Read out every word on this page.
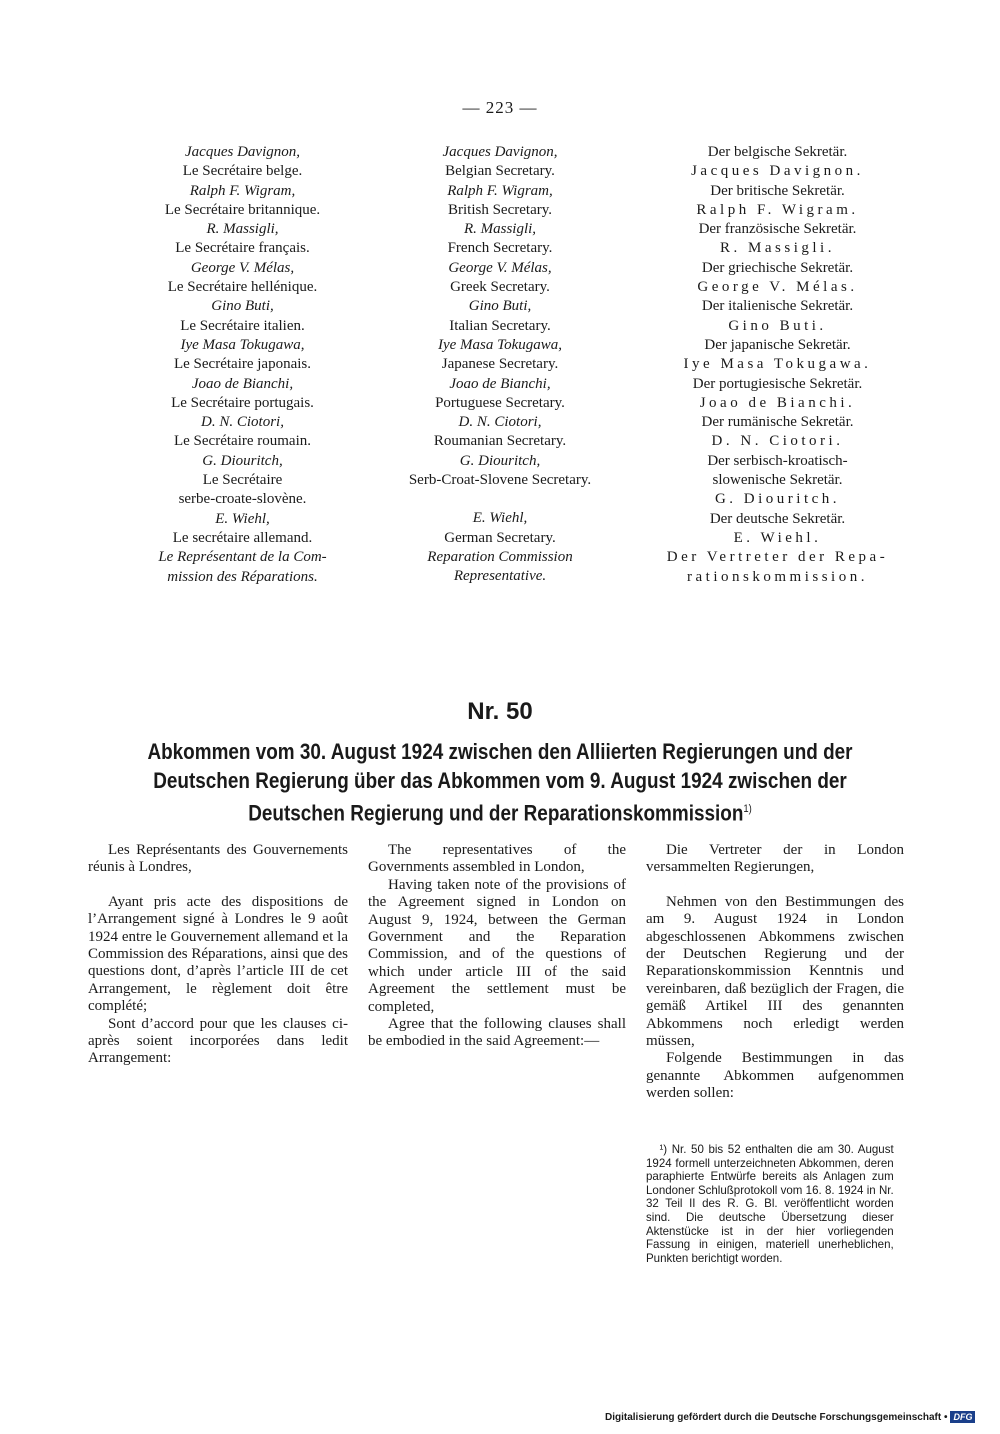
— 223 —
Jacques Davignon,
Le Secrétaire belge.
Ralph F. Wigram,
Le Secrétaire britannique.
R. Massigli,
Le Secrétaire français.
George V. Mélas,
Le Secrétaire hellénique.
Gino Buti,
Le Secrétaire italien.
Iye Masa Tokugawa,
Le Secrétaire japonais.
Joao de Bianchi,
Le Secrétaire portugais.
D. N. Ciotori,
Le Secrétaire roumain.
G. Diouritch,
Le Secrétaire
serbe-croate-slovène.
E. Wiehl,
Le secrétaire allemand.
Le Représentant de la Com-
mission des Réparations.
Jacques Davignon,
Belgian Secretary.
Ralph F. Wigram,
British Secretary.
R. Massigli,
French Secretary.
George V. Mélas,
Greek Secretary.
Gino Buti,
Italian Secretary.
Iye Masa Tokugawa,
Japanese Secretary.
Joao de Bianchi,
Portuguese Secretary.
D. N. Ciotori,
Roumanian Secretary.
G. Diouritch,
Serb-Croat-Slovene Secretary.
E. Wiehl,
German Secretary.
Reparation Commission
Representative.
Der belgische Sekretär.
Jacques Davignon.
Der britische Sekretär.
Ralph F. Wigram.
Der französische Sekretär.
R. Massigli.
Der griechische Sekretär.
George V. Mélas.
Der italienische Sekretär.
Gino Buti.
Der japanische Sekretär.
Iye Masa Tokugawa.
Der portugiesische Sekretär.
Joao de Bianchi.
Der rumänische Sekretär.
D. N. Ciotori.
Der serbisch-kroatisch-
slowenische Sekretär.
G. Diouritch.
Der deutsche Sekretär.
E. Wiehl.
Der Vertreter der Repa-
rationskommission.
Nr. 50
Abkommen vom 30. August 1924 zwischen den Alliierten Regierungen und der
Deutschen Regierung über das Abkommen vom 9. August 1924 zwischen der
Deutschen Regierung und der Reparationskommission$^{1)}$

Les Représentants des Gouvernements réunis à Londres,

Ayant pris acte des dispositions de l’Arrangement signé à Londres le 9 août 1924 entre le Gouvernement allemand et la Commission des Réparations, ainsi que des questions dont, d’après l’article III de cet Arrangement, le règlement doit être complété;

Sont d’accord pour que les clauses ci-après soient incorporées dans ledit Arrangement:

The representatives of the Governments assembled in London,

Having taken note of the provisions of the Agreement signed in London on August 9, 1924, between the German Government and the Reparation Commission, and of the questions of which under article III of the said Agreement the settlement must be completed,

Agree that the following clauses shall be embodied in the said Agreement:—

Die Vertreter der in London versammelten Regierungen,

Nehmen von den Bestimmungen des am 9. August 1924 in London abgeschlossenen Abkommens zwischen der Deutschen Regierung und der Reparationskommission Kenntnis und vereinbaren, daß bezüglich der Fragen, die gemäß Artikel III des genannten Abkommens noch erledigt werden müssen,

Folgende Bestimmungen in das genannte Abkommen aufgenommen werden sollen:

¹) Nr. 50 bis 52 enthalten die am 30. August 1924 formell unterzeichneten Abkommen, deren paraphierte Entwürfe bereits als Anlagen zum Londoner Schlußprotokoll vom 16. 8. 1924 in Nr. 32 Teil II des R. G. Bl. veröffentlicht worden sind. Die deutsche Übersetzung dieser Aktenstücke ist in der hier vorliegenden Fassung in einigen, materiell unerheblichen, Punkten berichtigt worden.

Digitalisierung gefördert durch die Deutsche Forschungsgemeinschaft • DFG
